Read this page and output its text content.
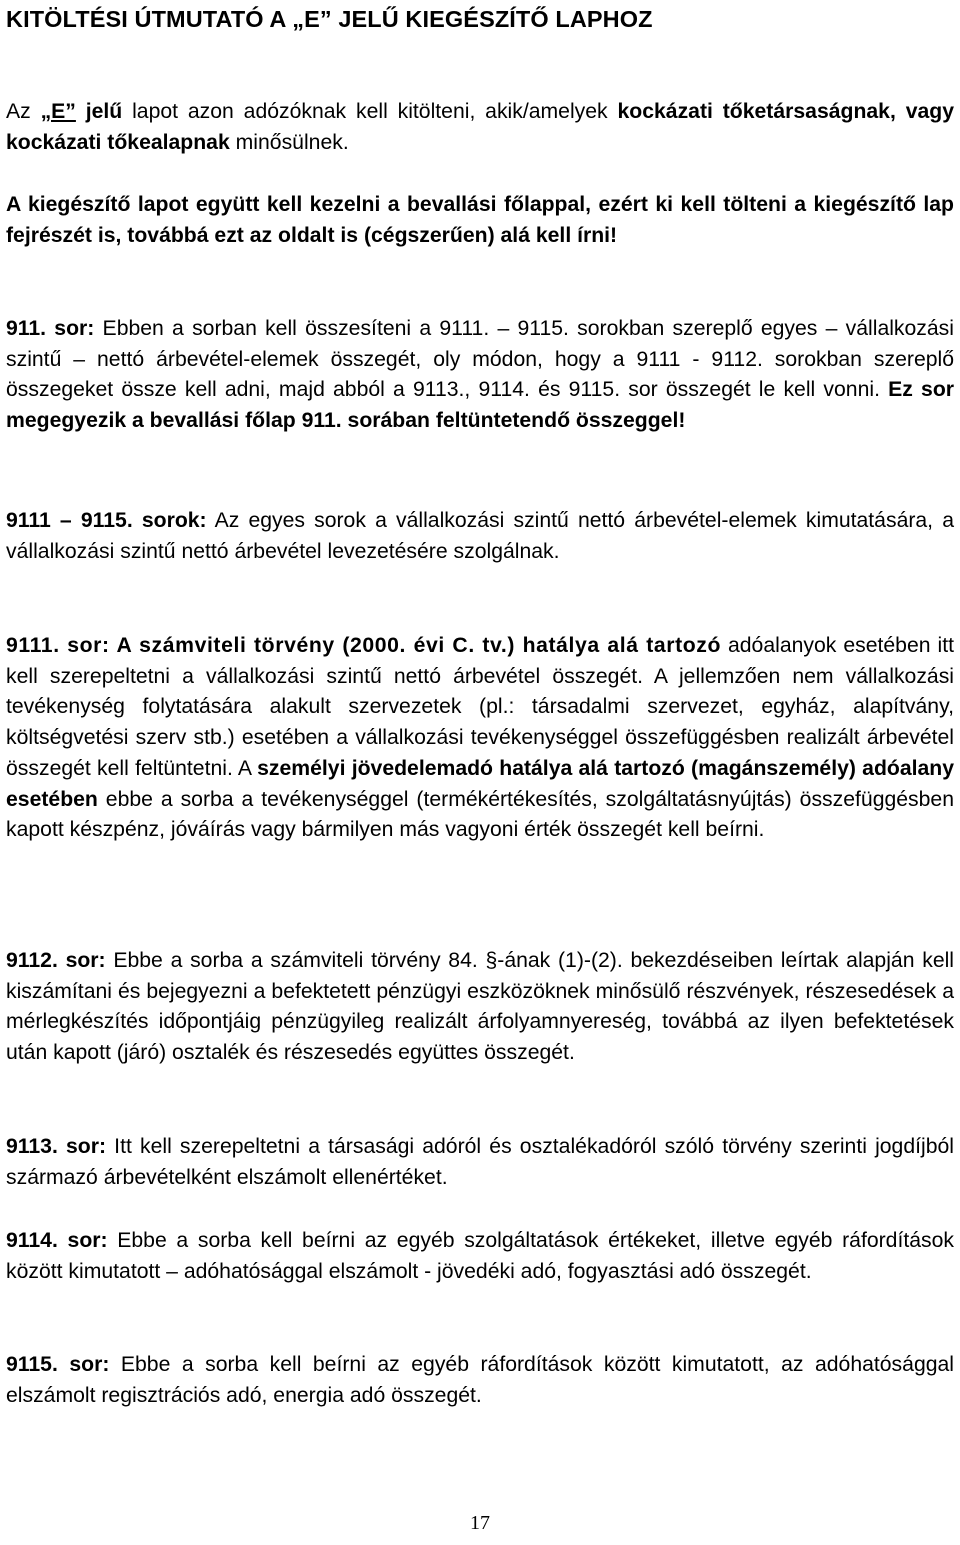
KITÖLTÉSI ÚTMUTATÓ A „E” JELŰ KIEGÉSZÍTŐ LAPHOZ

Az „E” jelű lapot azon adózóknak kell kitölteni, akik/amelyek kockázati tőketársaságnak, vagy kockázati tőkealapnak minősülnek.

A kiegészítő lapot együtt kell kezelni a bevallási főlappal, ezért ki kell tölteni a kiegészítő lap fejrészét is, továbbá ezt az oldalt is (cégszerűen) alá kell írni!

911. sor: Ebben a sorban kell összesíteni a 9111. – 9115. sorokban szereplő egyes – vállalkozási szintű – nettó árbevétel-elemek összegét, oly módon, hogy a 9111 - 9112. sorokban szereplő összegeket össze kell adni, majd abból a 9113., 9114. és 9115. sor összegét le kell vonni. Ez sor megegyezik a bevallási főlap 911. sorában feltüntetendő összeggel!

9111 – 9115. sorok: Az egyes sorok a vállalkozási szintű nettó árbevétel-elemek kimutatására, a vállalkozási szintű nettó árbevétel levezetésére szolgálnak.

9111. sor: A számviteli törvény (2000. évi C. tv.) hatálya alá tartozó adóalanyok esetében itt kell szerepeltetni a vállalkozási szintű nettó árbevétel összegét. A jellemzően nem vállalkozási tevékenység folytatására alakult szervezetek (pl.: társadalmi szervezet, egyház, alapítvány, költségvetési szerv stb.) esetében a vállalkozási tevékenységgel összefüggésben realizált árbevétel összegét kell feltüntetni. A személyi jövedelemadó hatálya alá tartozó (magánszemély) adóalany esetében ebbe a sorba a tevékenységgel (termékértékesítés, szolgáltatásnyújtás) összefüggésben kapott készpénz, jóváírás vagy bármilyen más vagyoni érték összegét kell beírni.

9112. sor: Ebbe a sorba a számviteli törvény 84. §-ának (1)-(2). bekezdéseiben leírtak alapján kell kiszámítani és bejegyezni a befektetett pénzügyi eszközöknek minősülő részvények, részesedések a mérlegkészítés időpontjáig pénzügyileg realizált árfolyamnyereség, továbbá az ilyen befektetések után kapott (járó) osztalék és részesedés együttes összegét.

9113. sor: Itt kell szerepeltetni a társasági adóról és osztalékadóról szóló törvény szerinti jogdíjból származó árbevételként elszámolt ellenértéket.

9114. sor: Ebbe a sorba kell beírni az egyéb szolgáltatások értékeket, illetve egyéb ráfordítások között kimutatott – adóhatósággal elszámolt - jövedéki adó, fogyasztási adó összegét.

9115. sor: Ebbe a sorba kell beírni az egyéb ráfordítások között kimutatott, az adóhatósággal elszámolt regisztrációs adó, energia adó összegét.

17
